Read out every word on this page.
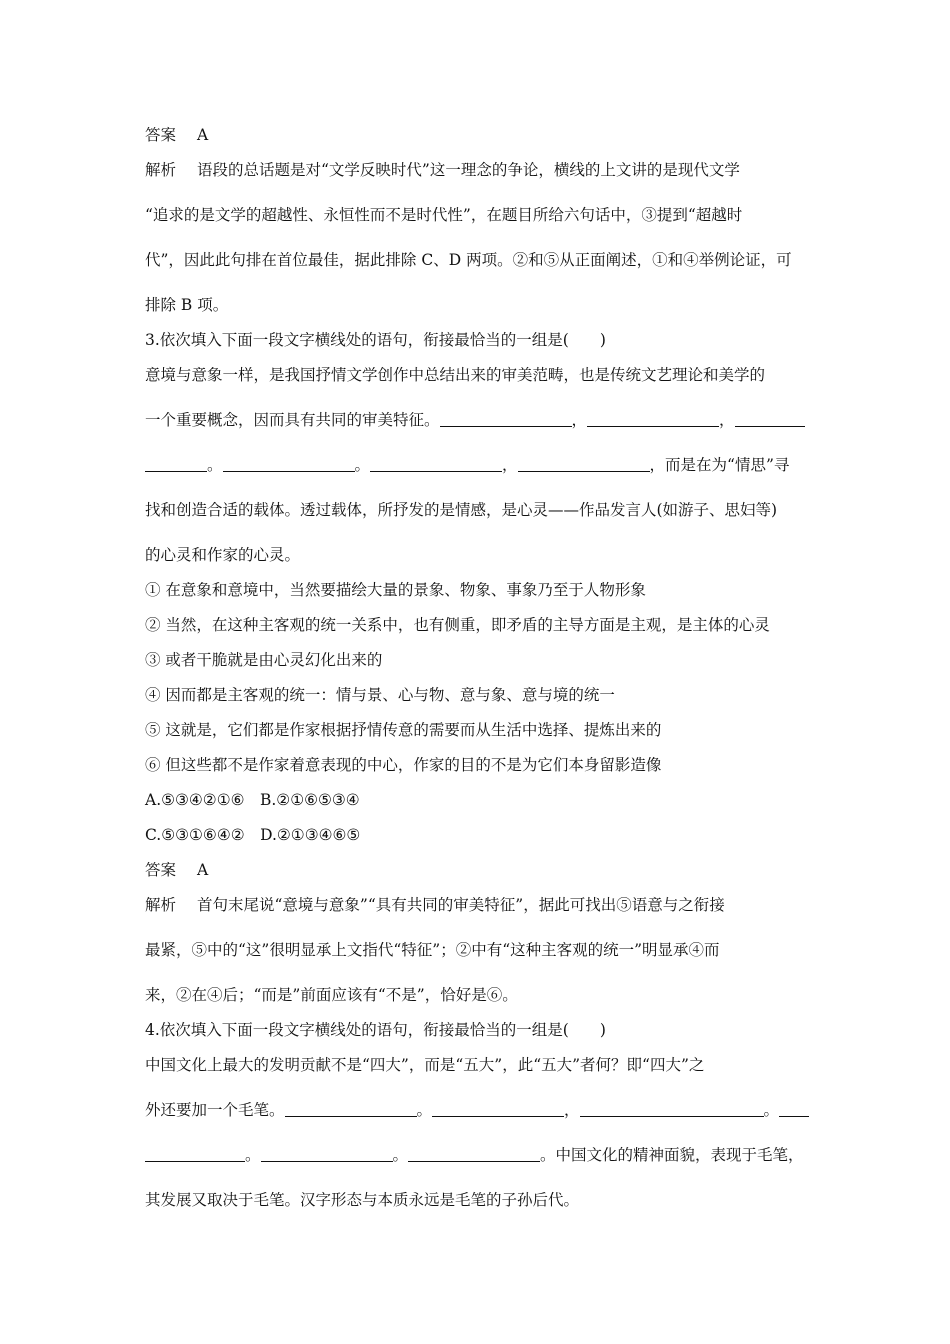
答案 A
解析 语段的总话题是对“文学反映时代”这一理念的争论，横线的上文讲的是现代文学
“追求的是文学的超越性、永恒性而不是时代性”，在题目所给六句话中，③提到“超越时
代”，因此此句排在首位最佳，据此排除 C、D 两项。②和⑤从正面阐述，①和④举例论证，可
排除 B 项。
3.依次填入下面一段文字横线处的语句，衔接最恰当的一组是(　　)
意境与意象一样，是我国抒情文学创作中总结出来的审美范畴，也是传统文艺理论和美学的
一个重要概念，因而具有共同的审美特征。	，	，
。	。	，	，而是在为“情思”寻
找和创造合适的载体。透过载体，所抒发的是情感，是心灵——作品发言人(如游子、思妇等)
的心灵和作家的心灵。
① 在意象和意境中，当然要描绘大量的景象、物象、事象乃至于人物形象
② 当然，在这种主客观的统一关系中，也有侧重，即矛盾的主导方面是主观，是主体的心灵
③ 或者干脆就是由心灵幻化出来的
④ 因而都是主客观的统一：情与景、心与物、意与象、意与境的统一
⑤ 这就是，它们都是作家根据抒情传意的需要而从生活中选择、提炼出来的
⑥ 但这些都不是作家着意表现的中心，作家的目的不是为它们本身留影造像
A.⑤③④②①⑥　B.②①⑥⑤③④
C.⑤③①⑥④②　D.②①③④⑥⑤
答案 A
解析 首句末尾说“意境与意象”“具有共同的审美特征”，据此可找出⑤语意与之衔接
最紧，⑤中的“这”很明显承上文指代“特征”；②中有“这种主客观的统一”明显承④而
来，②在④后；“而是”前面应该有“不是”，恰好是⑥。
4.依次填入下面一段文字横线处的语句，衔接最恰当的一组是(　　)
中国文化上最大的发明贡献不是“四大”，而是“五大”，此“五大”者何？即“四大”之
外还要加一个毛笔。	。	，	。
。	。	。中国文化的精神面貌，表现于毛笔，
其发展又取决于毛笔。汉字形态与本质永远是毛笔的子孙后代。
